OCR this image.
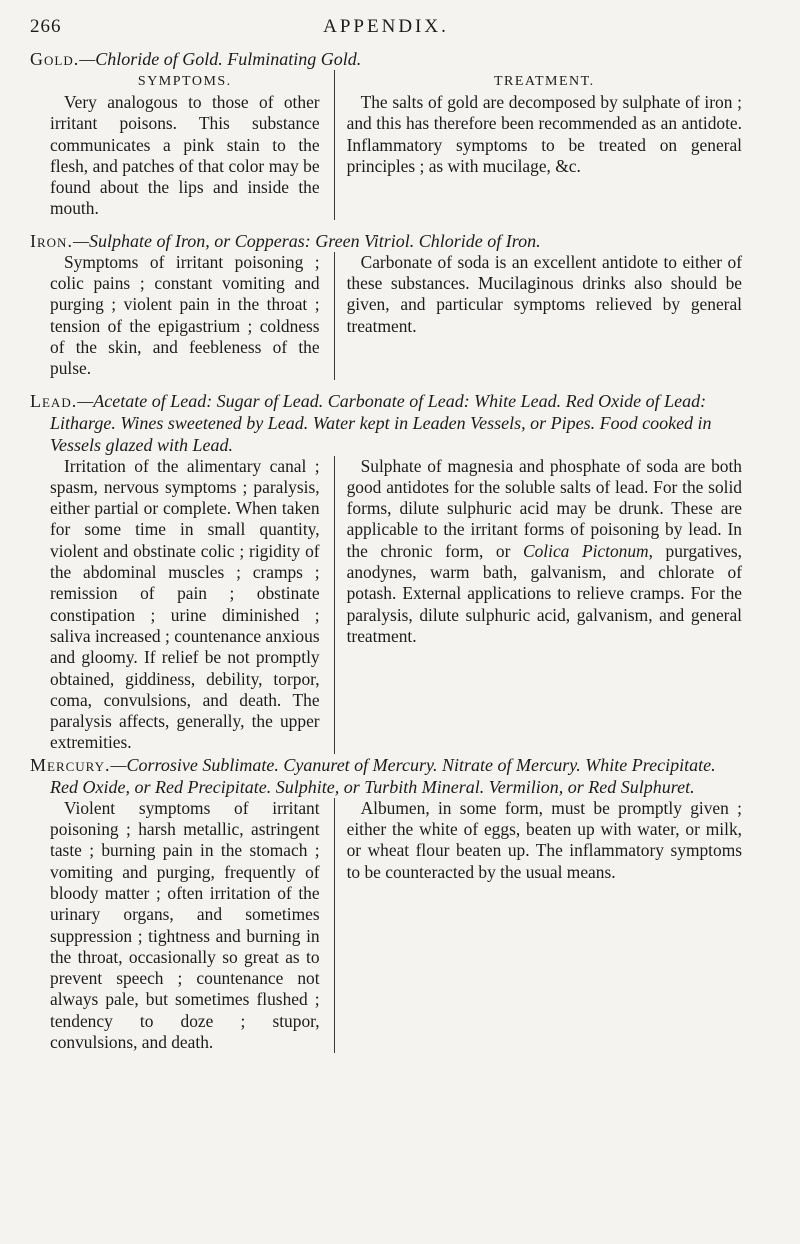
266	APPENDIX.

Gold.—Chloride of Gold. Fulminating Gold.

SYMPTOMS.

Very analogous to those of other irritant poisons. This substance communicates a pink stain to the flesh, and patches of that color may be found about the lips and inside the mouth.

TREATMENT.

The salts of gold are decomposed by sulphate of iron ; and this has therefore been recommended as an antidote. Inflammatory symptoms to be treated on general principles ; as with mucilage, &c.

Iron.—Sulphate of Iron, or Copperas: Green Vitriol. Chloride of Iron.

Symptoms of irritant poisoning ; colic pains ; constant vomiting and purging ; violent pain in the throat ; tension of the epigastrium ; coldness of the skin, and feebleness of the pulse.

Carbonate of soda is an excellent antidote to either of these substances. Mucilaginous drinks also should be given, and particular symptoms relieved by general treatment.

Lead.—Acetate of Lead: Sugar of Lead. Carbonate of Lead: White Lead. Red Oxide of Lead: Litharge. Wines sweetened by Lead. Water kept in Leaden Vessels, or Pipes. Food cooked in Vessels glazed with Lead.

Irritation of the alimentary canal ; spasm, nervous symptoms ; paralysis, either partial or complete. When taken for some time in small quantity, violent and obstinate colic ; rigidity of the abdominal muscles ; cramps ; remission of pain ; obstinate constipation ; urine diminished ; saliva increased ; countenance anxious and gloomy. If relief be not promptly obtained, giddiness, debility, torpor, coma, convulsions, and death. The paralysis affects, generally, the upper extremities.

Sulphate of magnesia and phosphate of soda are both good antidotes for the soluble salts of lead. For the solid forms, dilute sulphuric acid may be drunk. These are applicable to the irritant forms of poisoning by lead. In the chronic form, or Colica Pictonum, purgatives, anodynes, warm bath, galvanism, and chlorate of potash. External applications to relieve cramps. For the paralysis, dilute sulphuric acid, galvanism, and general treatment.

Mercury.—Corrosive Sublimate. Cyanuret of Mercury. Nitrate of Mercury. White Precipitate. Red Oxide, or Red Precipitate. Sulphite, or Turbith Mineral. Vermilion, or Red Sulphuret.

Violent symptoms of irritant poisoning ; harsh metallic, astringent taste ; burning pain in the stomach ; vomiting and purging, frequently of bloody matter ; often irritation of the urinary organs, and sometimes suppression ; tightness and burning in the throat, occasionally so great as to prevent speech ; countenance not always pale, but sometimes flushed ; tendency to doze ; stupor, convulsions, and death.

Albumen, in some form, must be promptly given ; either the white of eggs, beaten up with water, or milk, or wheat flour beaten up. The inflammatory symptoms to be counteracted by the usual means.
